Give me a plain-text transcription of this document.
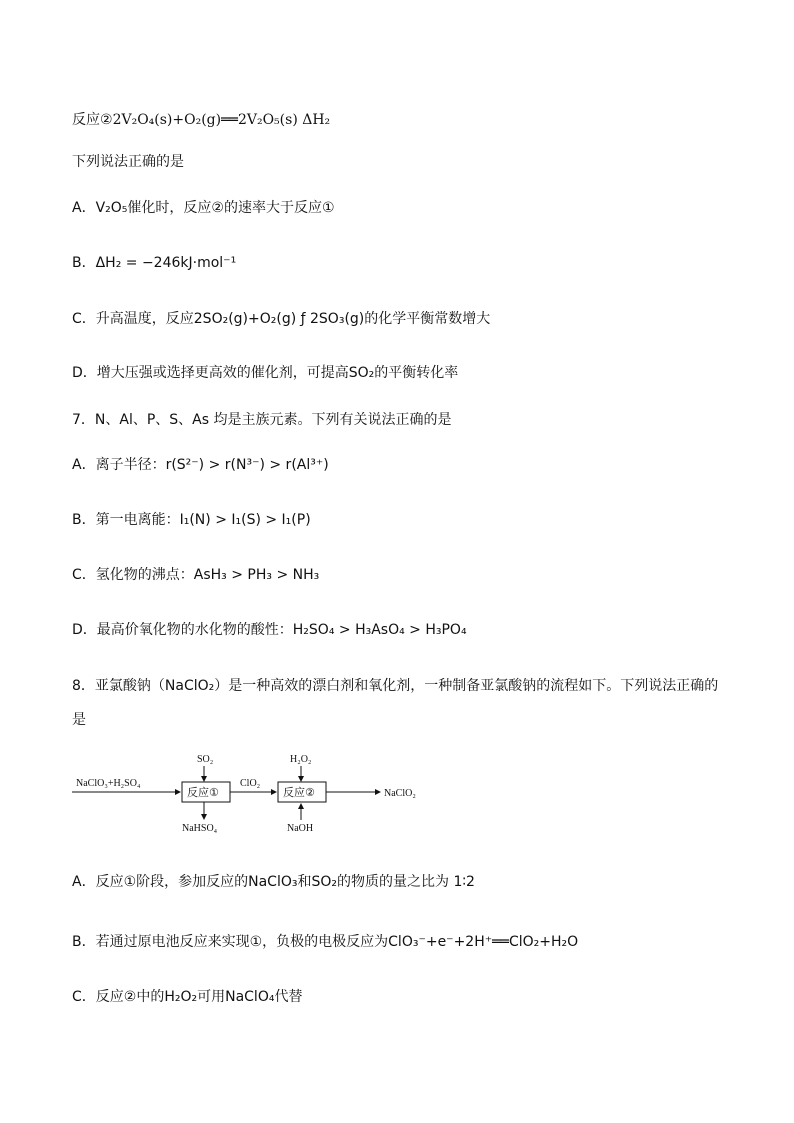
反应②2V₂O₄(s)+O₂(g)══2V₂O₅(s) ΔH₂
下列说法正确的是
A．V₂O₅催化时，反应②的速率大于反应①
B．ΔH₂ = −246kJ·mol⁻¹
C．升高温度，反应2SO₂(g)+O₂(g) ƒ 2SO₃(g)的化学平衡常数增大
D．增大压强或选择更高效的催化剂，可提高SO₂的平衡转化率
7．N、Al、P、S、As 均是主族元素。下列有关说法正确的是
A．离子半径：r(S²⁻) > r(N³⁻) > r(Al³⁺)
B．第一电离能：I₁(N) > I₁(S) > I₁(P)
C．氢化物的沸点：AsH₃ > PH₃ > NH₃
D．最高价氧化物的水化物的酸性：H₂SO₄ > H₃AsO₄ > H₃PO₄
8．亚氯酸钠（NaClO₂）是一种高效的漂白剂和氧化剂，一种制备亚氯酸钠的流程如下。下列说法正确的
是
NaClO₃+H₂SO₄
SO₂
反应①
NaHSO₄
ClO₂
H₂O₂
反应②
NaOH
NaClO₂
A．反应①阶段，参加反应的NaClO₃和SO₂的物质的量之比为 1∶2
B．若通过原电池反应来实现①，负极的电极反应为ClO₃⁻+e⁻+2H⁺══ClO₂+H₂O
C．反应②中的H₂O₂可用NaClO₄代替
